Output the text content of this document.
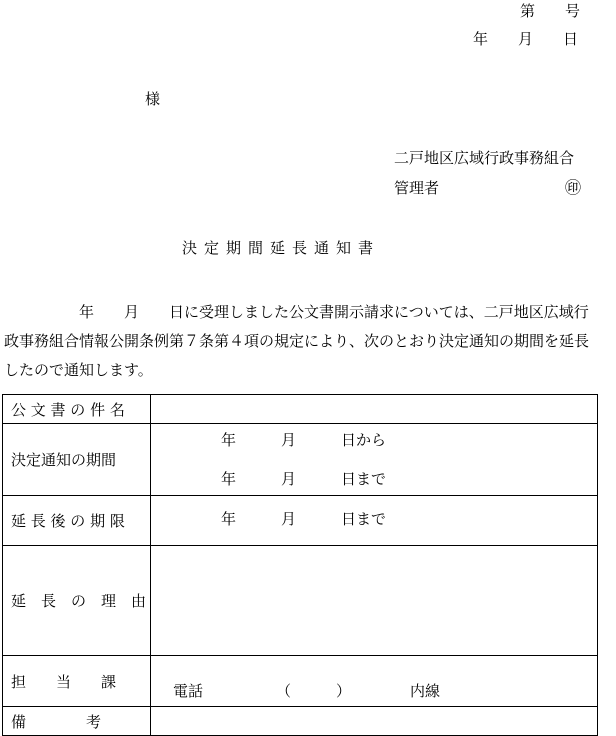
第　　号
年　　月　　日
様
二戸地区広域行政事務組合
管理者	㊞
決定期間延長通知書
　　　　　年　　月　　日に受理しました公文書開示請求については、二戸地区広域行
政事務組合情報公開条例第７条第４項の規定により、次のとおり決定通知の期間を延長
したので通知します。
公 文 書 の 件 名	
決定通知の期間	年　　　月　　　日から
年　　　月　　　日まで

延 長 後 の 期 限	年　　　月　　　日まで

延　長　の　理　由	
担　　当　　課	電話 （　　　） 内線

備　　　　考	
